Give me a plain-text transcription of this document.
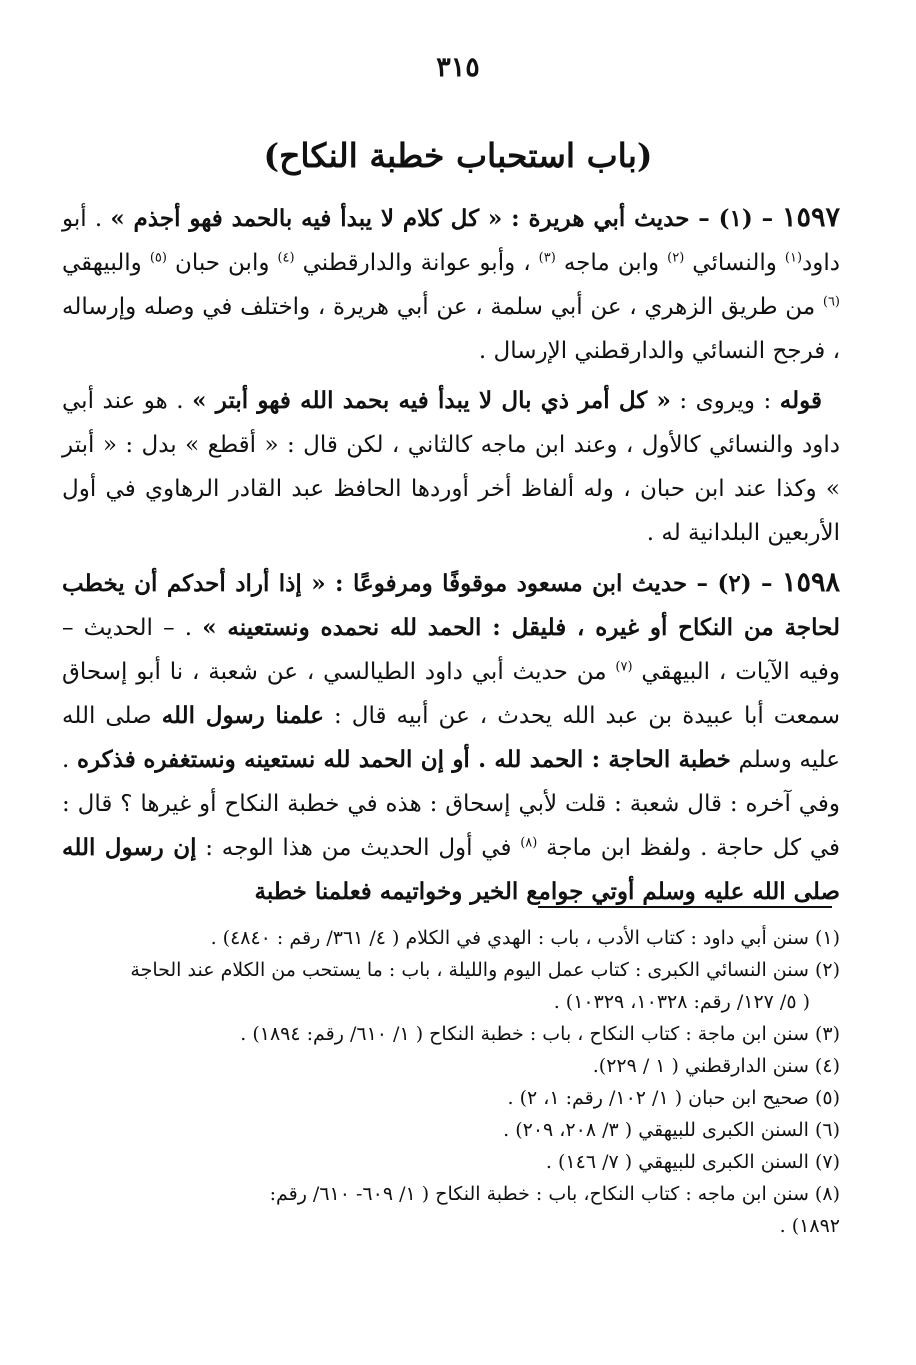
٣١٥
(باب استحباب خطبة النكاح)

١٥٩٧ – (١) – حديث أبي هريرة : « كل كلام لا يبدأ فيه بالحمد فهو أجذم » . أبو داود$^{(١)}$ والنسائي $^{(٢)}$ وابن ماجه $^{(٣)}$ ، وأبو عوانة والدارقطني $^{(٤)}$ وابن حبان $^{(٥)}$ والبيهقي $^{(٦)}$ من طريق الزهري ، عن أبي سلمة ، عن أبي هريرة ، واختلف في وصله وإرساله ، فرجح النسائي والدارقطني الإرسال .

قوله : ويروى : « كل أمر ذي بال لا يبدأ فيه بحمد الله فهو أبتر » . هو عند أبي داود والنسائي كالأول ، وعند ابن ماجه كالثاني ، لكن قال : « أقطع » بدل : « أبتر » وكذا عند ابن حبان ، وله ألفاظ أخر أوردها الحافظ عبد القادر الرهاوي في أول الأربعين البلدانية له .

١٥٩٨ – (٢) – حديث ابن مسعود موقوفًا ومرفوعًا : « إذا أراد أحدكم أن يخطب لحاجة من النكاح أو غيره ، فليقل : الحمد لله نحمده ونستعينه » . – الحديث – وفيه الآيات ، البيهقي $^{(٧)}$ من حديث أبي داود الطيالسي ، عن شعبة ، نا أبو إسحاق سمعت أبا عبيدة بن عبد الله يحدث ، عن أبيه قال : علمنا رسول الله صلى الله عليه وسلم خطبة الحاجة : الحمد لله . أو إن الحمد لله نستعينه ونستغفره فذكره . وفي آخره : قال شعبة : قلت لأبي إسحاق : هذه في خطبة النكاح أو غيرها ؟ قال : في كل حاجة . ولفظ ابن ماجة $^{(٨)}$ في أول الحديث من هذا الوجه : إن رسول الله صلى الله عليه وسلم أوتي جوامع الخير وخواتيمه فعلمنا خطبة

(١) سنن أبي داود : كتاب الأدب ، باب : الهدي في الكلام ( ٤/ ٣٦١/ رقم : ٤٨٤٠) .

(٢) سنن النسائي الكبرى : كتاب عمل اليوم والليلة ، باب : ما يستحب من الكلام عند الحاجة

( ٥/ ١٢٧/ رقم: ١٠٣٢٨، ١٠٣٢٩) .

(٣) سنن ابن ماجة : كتاب النكاح ، باب : خطبة النكاح ( ١/ ٦١٠/ رقم: ١٨٩٤) .

(٤) سنن الدارقطني ( ١ / ٢٢٩).

(٥) صحيح ابن حبان ( ١/ ١٠٢/ رقم: ١، ٢) .

(٦) السنن الكبرى للبيهقي ( ٣/ ٢٠٨، ٢٠٩) .

(٧) السنن الكبرى للبيهقي ( ٧/ ١٤٦) .

(٨) سنن ابن ماجه : كتاب النكاح، باب : خطبة النكاح ( ١/ ٦٠٩- ٦١٠/ رقم:

١٨٩٢) .
